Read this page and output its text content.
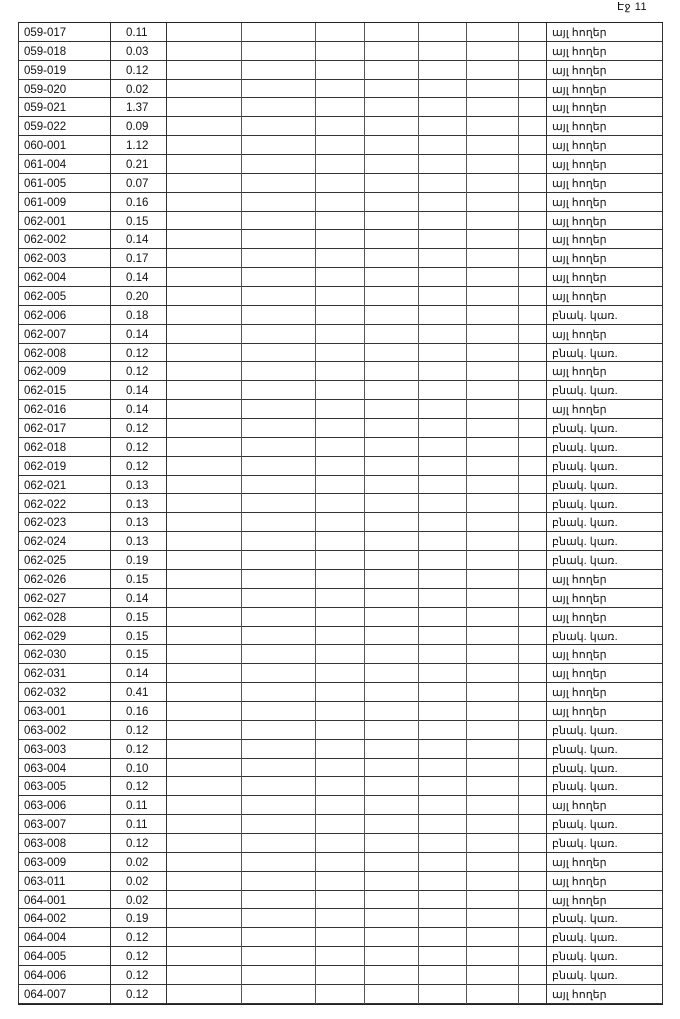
Էջ 11
059-017	0.11	այլ հողեր
059-018	0.03	այլ հողեր
059-019	0.12	այլ հողեր
059-020	0.02	այլ հողեր
059-021	1.37	այլ հողեր
059-022	0.09	այլ հողեր
060-001	1.12	այլ հողեր
061-004	0.21	այլ հողեր
061-005	0.07	այլ հողեր
061-009	0.16	այլ հողեր
062-001	0.15	այլ հողեր
062-002	0.14	այլ հողեր
062-003	0.17	այլ հողեր
062-004	0.14	այլ հողեր
062-005	0.20	այլ հողեր
062-006	0.18	բնակ. կառ.
062-007	0.14	այլ հողեր
062-008	0.12	բնակ. կառ.
062-009	0.12	այլ հողեր
062-015	0.14	բնակ. կառ.
062-016	0.14	այլ հողեր
062-017	0.12	բնակ. կառ.
062-018	0.12	բնակ. կառ.
062-019	0.12	բնակ. կառ.
062-021	0.13	բնակ. կառ.
062-022	0.13	բնակ. կառ.
062-023	0.13	բնակ. կառ.
062-024	0.13	բնակ. կառ.
062-025	0.19	բնակ. կառ.
062-026	0.15	այլ հողեր
062-027	0.14	այլ հողեր
062-028	0.15	այլ հողեր
062-029	0.15	բնակ. կառ.
062-030	0.15	այլ հողեր
062-031	0.14	այլ հողեր
062-032	0.41	այլ հողեր
063-001	0.16	այլ հողեր
063-002	0.12	բնակ. կառ.
063-003	0.12	բնակ. կառ.
063-004	0.10	բնակ. կառ.
063-005	0.12	բնակ. կառ.
063-006	0.11	այլ հողեր
063-007	0.11	բնակ. կառ.
063-008	0.12	բնակ. կառ.
063-009	0.02	այլ հողեր
063-011	0.02	այլ հողեր
064-001	0.02	այլ հողեր
064-002	0.19	բնակ. կառ.
064-004	0.12	բնակ. կառ.
064-005	0.12	բնակ. կառ.
064-006	0.12	բնակ. կառ.
064-007	0.12	այլ հողեր
